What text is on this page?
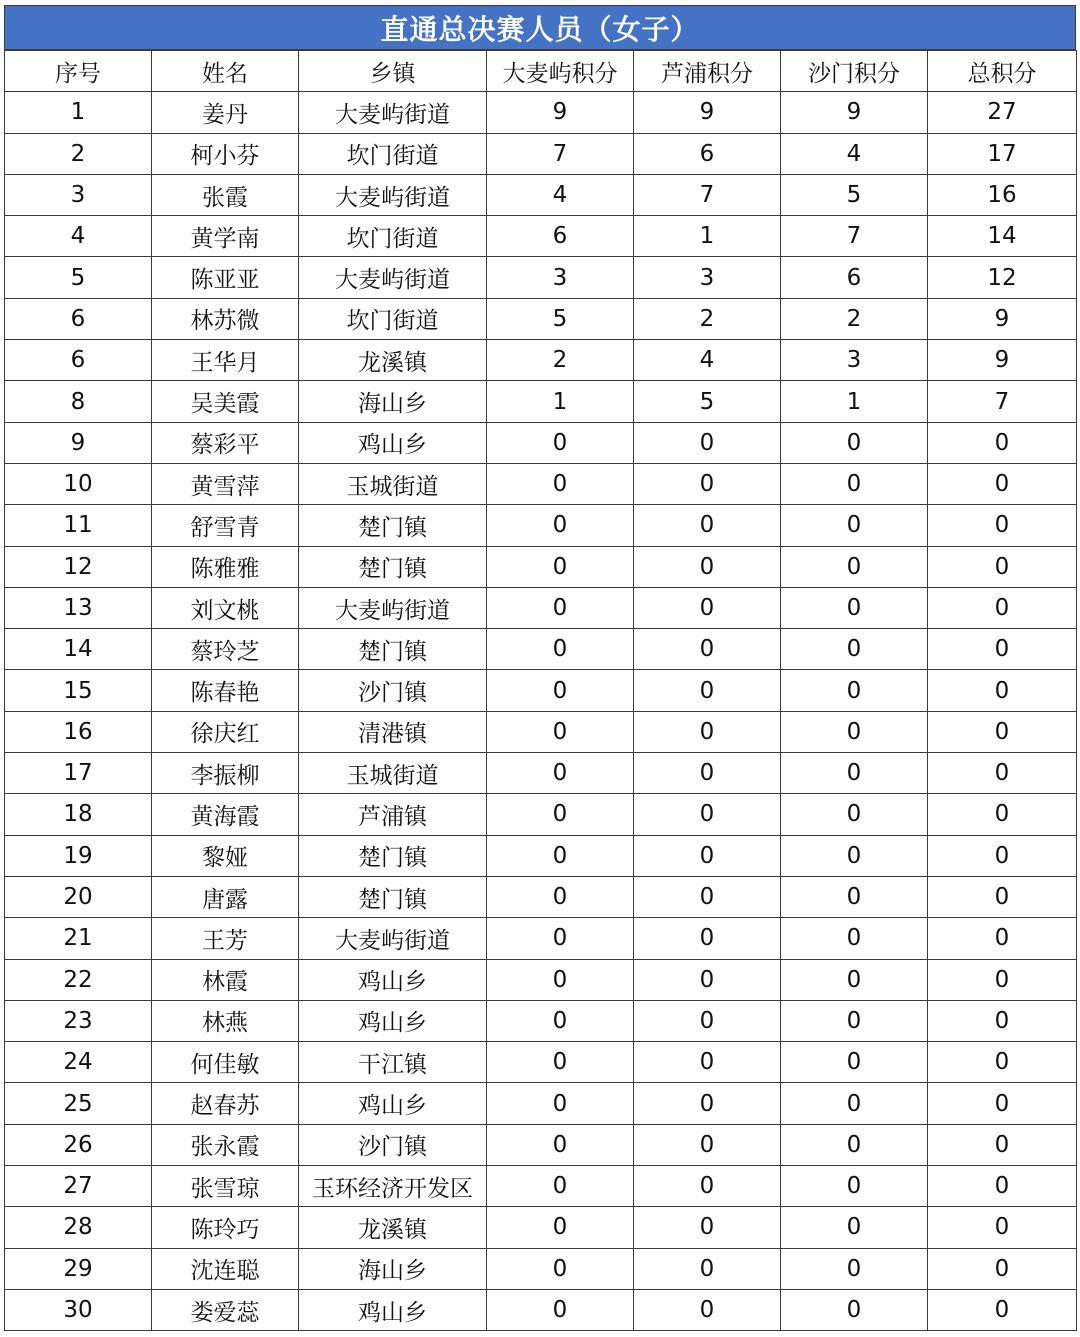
直通总决赛人员（女子）
序号	姓名	乡镇	大麦屿积分	芦浦积分	沙门积分	总积分
1	姜丹	大麦屿街道	9	9	9	27
2	柯小芬	坎门街道	7	6	4	17
3	张霞	大麦屿街道	4	7	5	16
4	黄学南	坎门街道	6	1	7	14
5	陈亚亚	大麦屿街道	3	3	6	12
6	林苏微	坎门街道	5	2	2	9
6	王华月	龙溪镇	2	4	3	9
8	吴美霞	海山乡	1	5	1	7
9	蔡彩平	鸡山乡	0	0	0	0
10	黄雪萍	玉城街道	0	0	0	0
11	舒雪青	楚门镇	0	0	0	0
12	陈雅雅	楚门镇	0	0	0	0
13	刘文桃	大麦屿街道	0	0	0	0
14	蔡玲芝	楚门镇	0	0	0	0
15	陈春艳	沙门镇	0	0	0	0
16	徐庆红	清港镇	0	0	0	0
17	李振柳	玉城街道	0	0	0	0
18	黄海霞	芦浦镇	0	0	0	0
19	黎娅	楚门镇	0	0	0	0
20	唐露	楚门镇	0	0	0	0
21	王芳	大麦屿街道	0	0	0	0
22	林霞	鸡山乡	0	0	0	0
23	林燕	鸡山乡	0	0	0	0
24	何佳敏	干江镇	0	0	0	0
25	赵春苏	鸡山乡	0	0	0	0
26	张永霞	沙门镇	0	0	0	0
27	张雪琼	玉环经济开发区	0	0	0	0
28	陈玲巧	龙溪镇	0	0	0	0
29	沈连聪	海山乡	0	0	0	0
30	娄爱蕊	鸡山乡	0	0	0	0
